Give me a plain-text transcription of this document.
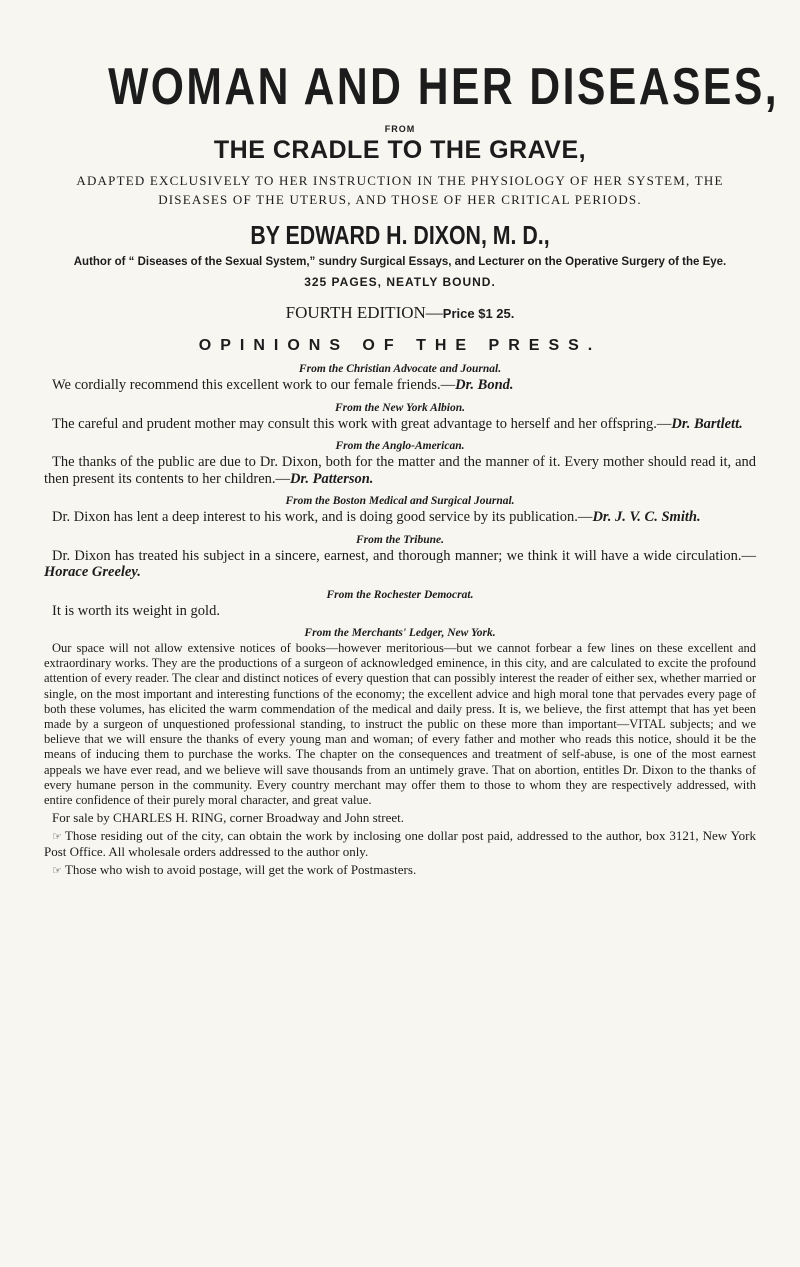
WOMAN AND HER DISEASES,
FROM
THE CRADLE TO THE GRAVE,
ADAPTED EXCLUSIVELY TO HER INSTRUCTION IN THE PHYSIOLOGY OF HER SYSTEM, THE DISEASES OF THE UTERUS, AND THOSE OF HER CRITICAL PERIODS.
BY EDWARD H. DIXON, M. D.,
Author of “ Diseases of the Sexual System,” sundry Surgical Essays, and Lecturer on the Operative Surgery of the Eye.
325 PAGES, NEATLY BOUND.
FOURTH EDITION—Price $1 25.
OPINIONS OF THE PRESS.
From the Christian Advocate and Journal.

We cordially recommend this excellent work to our female friends.—Dr. Bond.

From the New York Albion.

The careful and prudent mother may consult this work with great advantage to herself and her offspring.—Dr. Bartlett.

From the Anglo-American.

The thanks of the public are due to Dr. Dixon, both for the matter and the manner of it. Every mother should read it, and then present its contents to her children.—Dr. Patterson.

From the Boston Medical and Surgical Journal.

Dr. Dixon has lent a deep interest to his work, and is doing good service by its publication.—Dr. J. V. C. Smith.

From the Tribune.

Dr. Dixon has treated his subject in a sincere, earnest, and thorough manner; we think it will have a wide circulation.—Horace Greeley.

From the Rochester Democrat.

It is worth its weight in gold.

From the Merchants' Ledger, New York.

Our space will not allow extensive notices of books—however meritorious—but we cannot forbear a few lines on these excellent and extraordinary works. They are the productions of a surgeon of acknowledged eminence, in this city, and are calculated to excite the profound attention of every reader. The clear and distinct notices of every question that can possibly interest the reader of either sex, whether married or single, on the most important and interesting functions of the economy; the excellent advice and high moral tone that pervades every page of both these volumes, has elicited the warm commendation of the medical and daily press. It is, we believe, the first attempt that has yet been made by a surgeon of unquestioned professional standing, to instruct the public on these more than important—VITAL subjects; and we believe that we will ensure the thanks of every young man and woman; of every father and mother who reads this notice, should it be the means of inducing them to purchase the works. The chapter on the consequences and treatment of self-abuse, is one of the most earnest appeals we have ever read, and we believe will save thousands from an untimely grave. That on abortion, entitles Dr. Dixon to the thanks of every humane person in the community. Every country merchant may offer them to those to whom they are respectively addressed, with entire confidence of their purely moral character, and great value.

For sale by CHARLES H. RING, corner Broadway and John street.

☞ Those residing out of the city, can obtain the work by inclosing one dollar post paid, addressed to the author, box 3121, New York Post Office. All wholesale orders addressed to the author only.

☞ Those who wish to avoid postage, will get the work of Postmasters.
